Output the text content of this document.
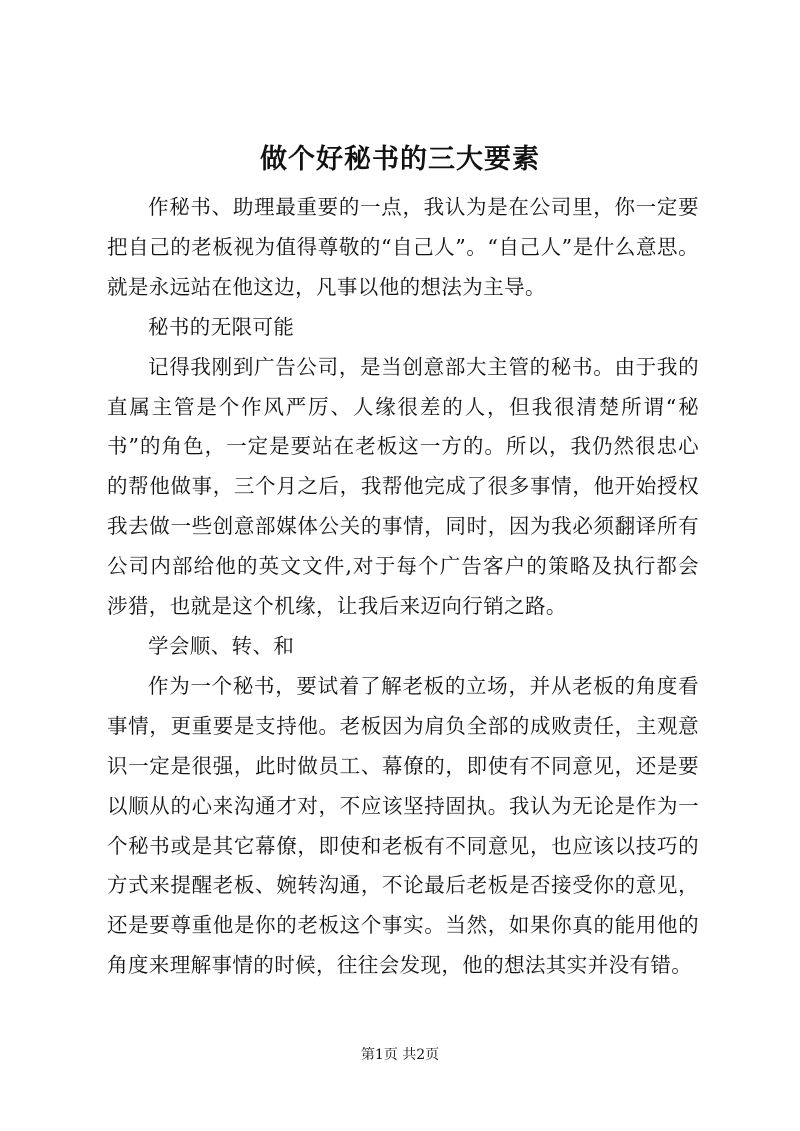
做个好秘书的三大要素

作秘书、助理最重要的一点，我认为是在公司里，你一定要把自己的老板视为值得尊敬的“自己人”。“自己人”是什么意思。就是永远站在他这边，凡事以他的想法为主导。

秘书的无限可能

记得我刚到广告公司，是当创意部大主管的秘书。由于我的直属主管是个作风严厉、人缘很差的人，但我很清楚所谓“秘书”的角色，一定是要站在老板这一方的。所以，我仍然很忠心的帮他做事，三个月之后，我帮他完成了很多事情，他开始授权我去做一些创意部媒体公关的事情，同时，因为我必须翻译所有公司内部给他的英文文件,对于每个广告客户的策略及执行都会涉猎，也就是这个机缘，让我后来迈向行销之路。

学会顺、转、和

作为一个秘书，要试着了解老板的立场，并从老板的角度看事情，更重要是支持他。老板因为肩负全部的成败责任，主观意识一定是很强，此时做员工、幕僚的，即使有不同意见，还是要以顺从的心来沟通才对，不应该坚持固执。我认为无论是作为一个秘书或是其它幕僚，即使和老板有不同意见，也应该以技巧的方式来提醒老板、婉转沟通，不论最后老板是否接受你的意见，还是要尊重他是你的老板这个事实。当然，如果你真的能用他的角度来理解事情的时候，往往会发现，他的想法其实并没有错。

第1页 共2页
